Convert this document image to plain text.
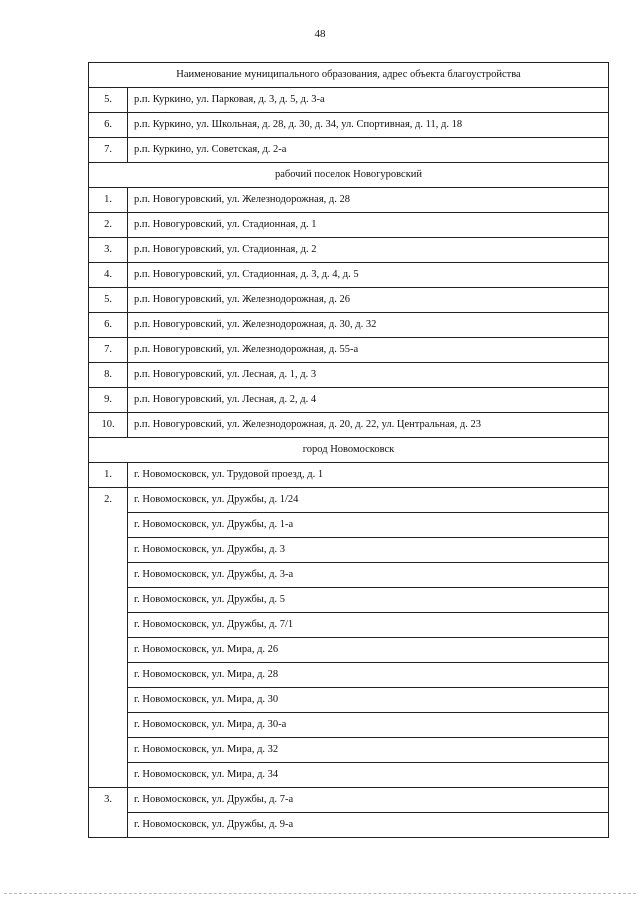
48
Наименование муниципального образования, адрес объекта благоустройства	
5.	р.п. Куркино, ул. Парковая, д. 3, д. 5, д. 3-а
6.	р.п. Куркино, ул. Школьная, д. 28, д. 30, д. 34, ул. Спортивная, д. 11, д. 18
7.	р.п. Куркино, ул. Советская, д. 2-а
рабочий поселок Новогуровский	
1.	р.п. Новогуровский, ул. Железнодорожная, д. 28
2.	р.п. Новогуровский, ул. Стадионная, д. 1
3.	р.п. Новогуровский, ул. Стадионная, д. 2
4.	р.п. Новогуровский, ул. Стадионная, д. 3, д. 4, д. 5
5.	р.п. Новогуровский, ул. Железнодорожная, д. 26
6.	р.п. Новогуровский, ул. Железнодорожная, д. 30, д. 32
7.	р.п. Новогуровский, ул. Железнодорожная, д. 55-а
8.	р.п. Новогуровский, ул. Лесная, д. 1, д. 3
9.	р.п. Новогуровский, ул. Лесная, д. 2, д. 4
10.	р.п. Новогуровский, ул. Железнодорожная, д. 20, д. 22, ул. Центральная, д. 23
город Новомосковск	
1.	г. Новомосковск, ул. Трудовой проезд, д. 1
2.	г. Новомосковск, ул. Дружбы, д. 1/24
	г. Новомосковск, ул. Дружбы, д. 1-а
	г. Новомосковск, ул. Дружбы, д. 3
	г. Новомосковск, ул. Дружбы, д. 3-а
	г. Новомосковск, ул. Дружбы, д. 5
	г. Новомосковск, ул. Дружбы, д. 7/1
	г. Новомосковск, ул. Мира, д. 26
	г. Новомосковск, ул. Мира, д. 28
	г. Новомосковск, ул. Мира, д. 30
	г. Новомосковск, ул. Мира, д. 30-а
	г. Новомосковск, ул. Мира, д. 32
	г. Новомосковск, ул. Мира, д. 34
3.	г. Новомосковск, ул. Дружбы, д. 7-а
	г. Новомосковск, ул. Дружбы, д. 9-а
